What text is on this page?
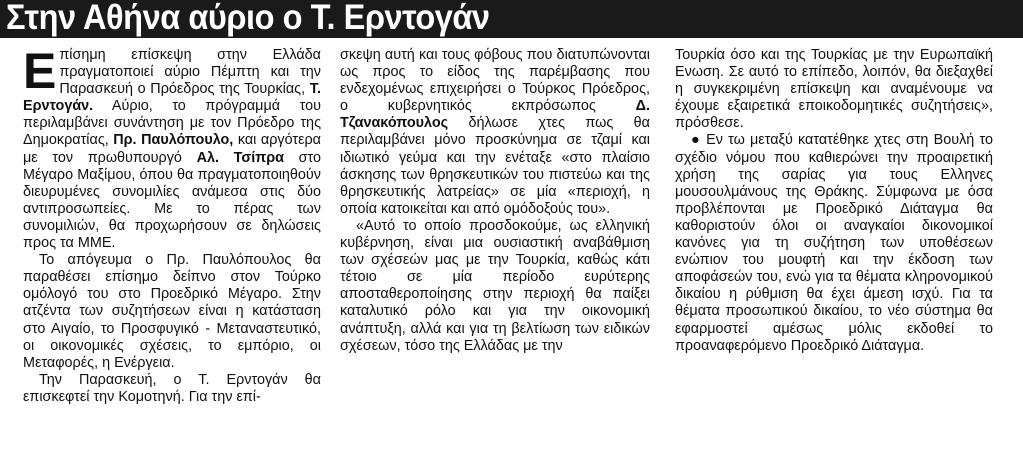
Στην Αθήνα αύριο ο Τ. Ερντογάν

Επίσημη επίσκεψη στην Ελλάδα πραγματοποιεί αύριο Πέμπτη και την Παρασκευή ο Πρόεδρος της Τουρκίας, Τ. Ερντογάν. Αύριο, το πρόγραμμά του περιλαμβάνει συνάντηση με τον Πρόεδρο της Δημοκρατίας, Πρ. Παυλόπουλο, και αργότερα με τον πρωθυπουργό Αλ. Τσίπρα στο Μέγαρο Μαξίμου, όπου θα πραγματοποιηθούν διευρυμένες συνομιλίες ανάμεσα στις δύο αντιπροσωπείες. Με το πέρας των συνομιλιών, θα προχωρήσουν σε δηλώσεις προς τα ΜΜΕ.

Το απόγευμα ο Πρ. Παυλόπουλος θα παραθέσει επίσημο δείπνο στον Τούρκο ομόλογό του στο Προεδρικό Μέγαρο. Στην ατζέντα των συζητήσεων είναι η κατάσταση στο Αιγαίο, το Προσφυγικό - Μεταναστευτικό, οι οικονομικές σχέσεις, το εμπόριο, οι Μεταφορές, η Ενέργεια.

Την Παρασκευή, ο Τ. Ερντογάν θα επισκεφτεί την Κομοτηνή. Για την επί-

σκεψη αυτή και τους φόβους που διατυπώνονται ως προς το είδος της παρέμβασης που ενδεχομένως επιχειρήσει ο Τούρκος Πρόεδρος, ο κυβερνητικός εκπρόσωπος Δ. Τζανακόπουλος δήλωσε χτες πως θα περιλαμβάνει μόνο προσκύνημα σε τζαμί και ιδιωτικό γεύμα και την ενέταξε «στο πλαίσιο άσκησης των θρησκευτικών του πιστεύω και της θρησκευτικής λατρείας» σε μία «περιοχή, η οποία κατοικείται και από ομόδοξούς του».

«Αυτό το οποίο προσδοκούμε, ως ελληνική κυβέρνηση, είναι μια ουσιαστική αναβάθμιση των σχέσεών μας με την Τουρκία, καθώς κάτι τέτοιο σε μία περίοδο ευρύτερης αποσταθεροποίησης στην περιοχή θα παίξει καταλυτικό ρόλο και για την οικονομική ανάπτυξη, αλλά και για τη βελτίωση των ειδικών σχέσεων, τόσο της Ελλάδας με την

Τουρκία όσο και της Τουρκίας με την Ευρωπαϊκή Ενωση. Σε αυτό το επίπεδο, λοιπόν, θα διεξαχθεί η συγκεκριμένη επίσκεψη και αναμένουμε να έχουμε εξαιρετικά εποικοδομητικές συζητήσεις», πρόσθεσε.

● Εν τω μεταξύ κατατέθηκε χτες στη Βουλή το σχέδιο νόμου που καθιερώνει την προαιρετική χρήση της σαρίας για τους Ελληνες μουσουλμάνους της Θράκης. Σύμφωνα με όσα προβλέπονται με Προεδρικό Διάταγμα θα καθοριστούν όλοι οι αναγκαίοι δικονομικοί κανόνες για τη συζήτηση των υποθέσεων ενώπιον του μουφτή και την έκδοση των αποφάσεών του, ενώ για τα θέματα κληρονομικού δικαίου η ρύθμιση θα έχει άμεση ισχύ. Για τα θέματα προσωπικού δικαίου, το νέο σύστημα θα εφαρμοστεί αμέσως μόλις εκδοθεί το προαναφερόμενο Προεδρικό Διάταγμα.
